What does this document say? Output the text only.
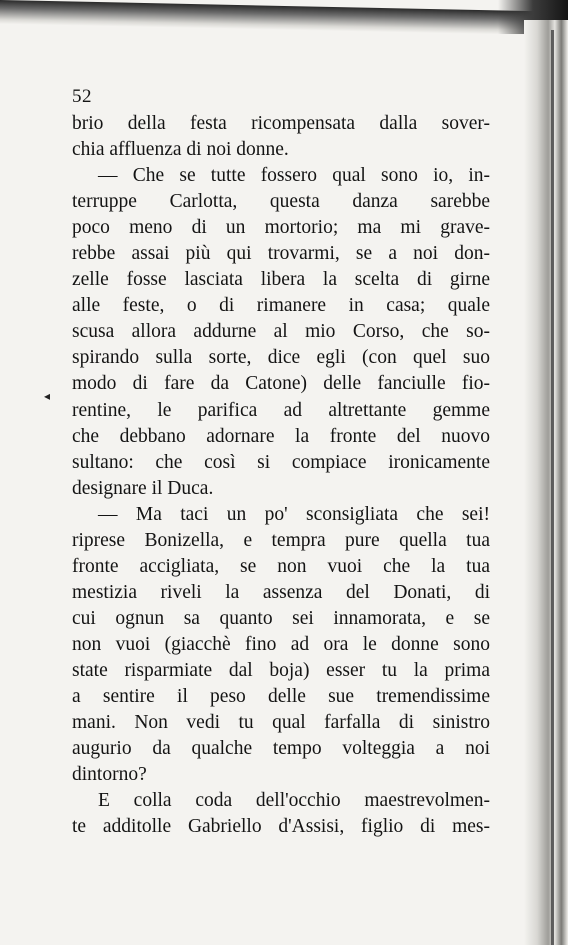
◂
52
brio della festa ricompensata dalla sover-
chia affluenza di noi donne.
— Che se tutte fossero qual sono io, in-
terruppe Carlotta, questa danza sarebbe
poco meno di un mortorio; ma mi grave-
rebbe assai più qui trovarmi, se a noi don-
zelle fosse lasciata libera la scelta di girne
alle feste, o di rimanere in casa; quale
scusa allora addurne al mio Corso, che so-
spirando sulla sorte, dice egli (con quel suo
modo di fare da Catone) delle fanciulle fio-
rentine, le parifica ad altrettante gemme
che debbano adornare la fronte del nuovo
sultano: che così si compiace ironicamente
designare il Duca.
— Ma taci un po' sconsigliata che sei!
riprese Bonizella, e tempra pure quella tua
fronte accigliata, se non vuoi che la tua
mestizia riveli la assenza del Donati, di
cui ognun sa quanto sei innamorata, e se
non vuoi (giacchè fino ad ora le donne sono
state risparmiate dal boja) esser tu la prima
a sentire il peso delle sue tremendissime
mani. Non vedi tu qual farfalla di sinistro
augurio da qualche tempo volteggia a noi
dintorno?
E colla coda dell'occhio maestrevolmen-
te additolle Gabriello d'Assisi, figlio di mes-
